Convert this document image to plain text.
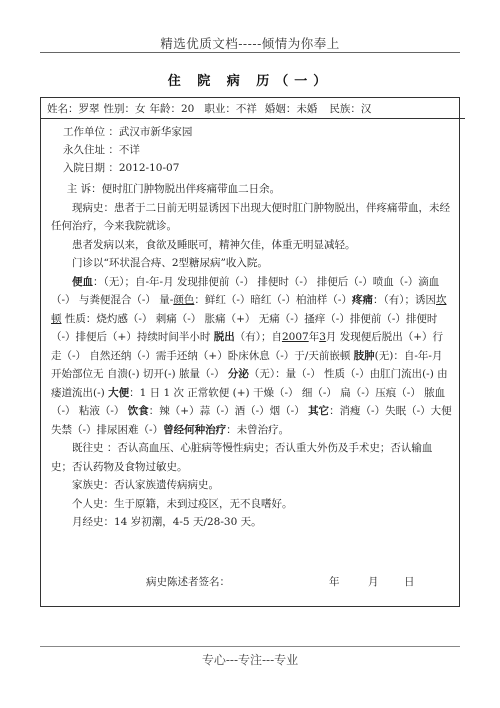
精选优质文档-----倾情为你奉上
住 院 病 历（一）
姓名：罗翠 性别：女 年龄：20 职业：不祥 婚姻：未婚 民族：汉
工作单位 ：武汉市新华家园
永久住址 ：不详
入院日期 ：2012-10-07

主 诉：便时肛门肿物脱出伴疼痛带血二日余。

现病史：患者于二日前无明显诱因下出现大便时肛门肿物脱出，伴疼痛带血，未经任何治疗，今来我院就诊。

患者发病以来，食欲及睡眠可，精神欠佳，体重无明显减轻。

门诊以“环状混合痔、2型糖尿病”收入院。

便血：（无）；自-年-月 发现排便前（-） 排便时（-） 排便后（-）喷血（-）滴血（-） 与粪便混合（-） 量-颜色：鲜红（-）暗红（-）柏油样（-）疼痛：（有）；诱因坎顿 性质：烧灼感（-） 刺痛（-） 胀痛（+） 无痛（-）搔痒（-）排便前（-）排便时（-）排便后（+）持续时间半小时 脱出（有）；自2007年3月 发现便后脱出（+）行走（-） 自然还纳（-）需手还纳（+）卧床休息（-）于/天前嵌顿 肢肿(无)：自-年-月 开始部位无 自溃(-) 切开(-) 脓量（-） 分泌（无）：量（-） 性质（-）由肛门流出(-) 由瘘道流出(-) 大便：1 日 1 次 正常软便 (+) 干燥（-） 细（-） 扁（-）压痕（-） 脓血（-） 粘液（-） 饮食：辣（+）蒜（-）酒（-）烟（-） 其它：消瘦（-）失眠（-）大便失禁（-）排尿困难（-）曾经何种治疗：未曾治疗。

既往史 ：否认高血压、心脏病等慢性病史；否认重大外伤及手术史；否认输血史；否认药物及食物过敏史。

家族史：否认家族遗传病病史。

个人史：生于原籍，未到过疫区，无不良嗜好。

月经史：14 岁初潮，4-5 天/28-30 天。

病史陈述者签名：	年	月 日
专心---专注---专业
